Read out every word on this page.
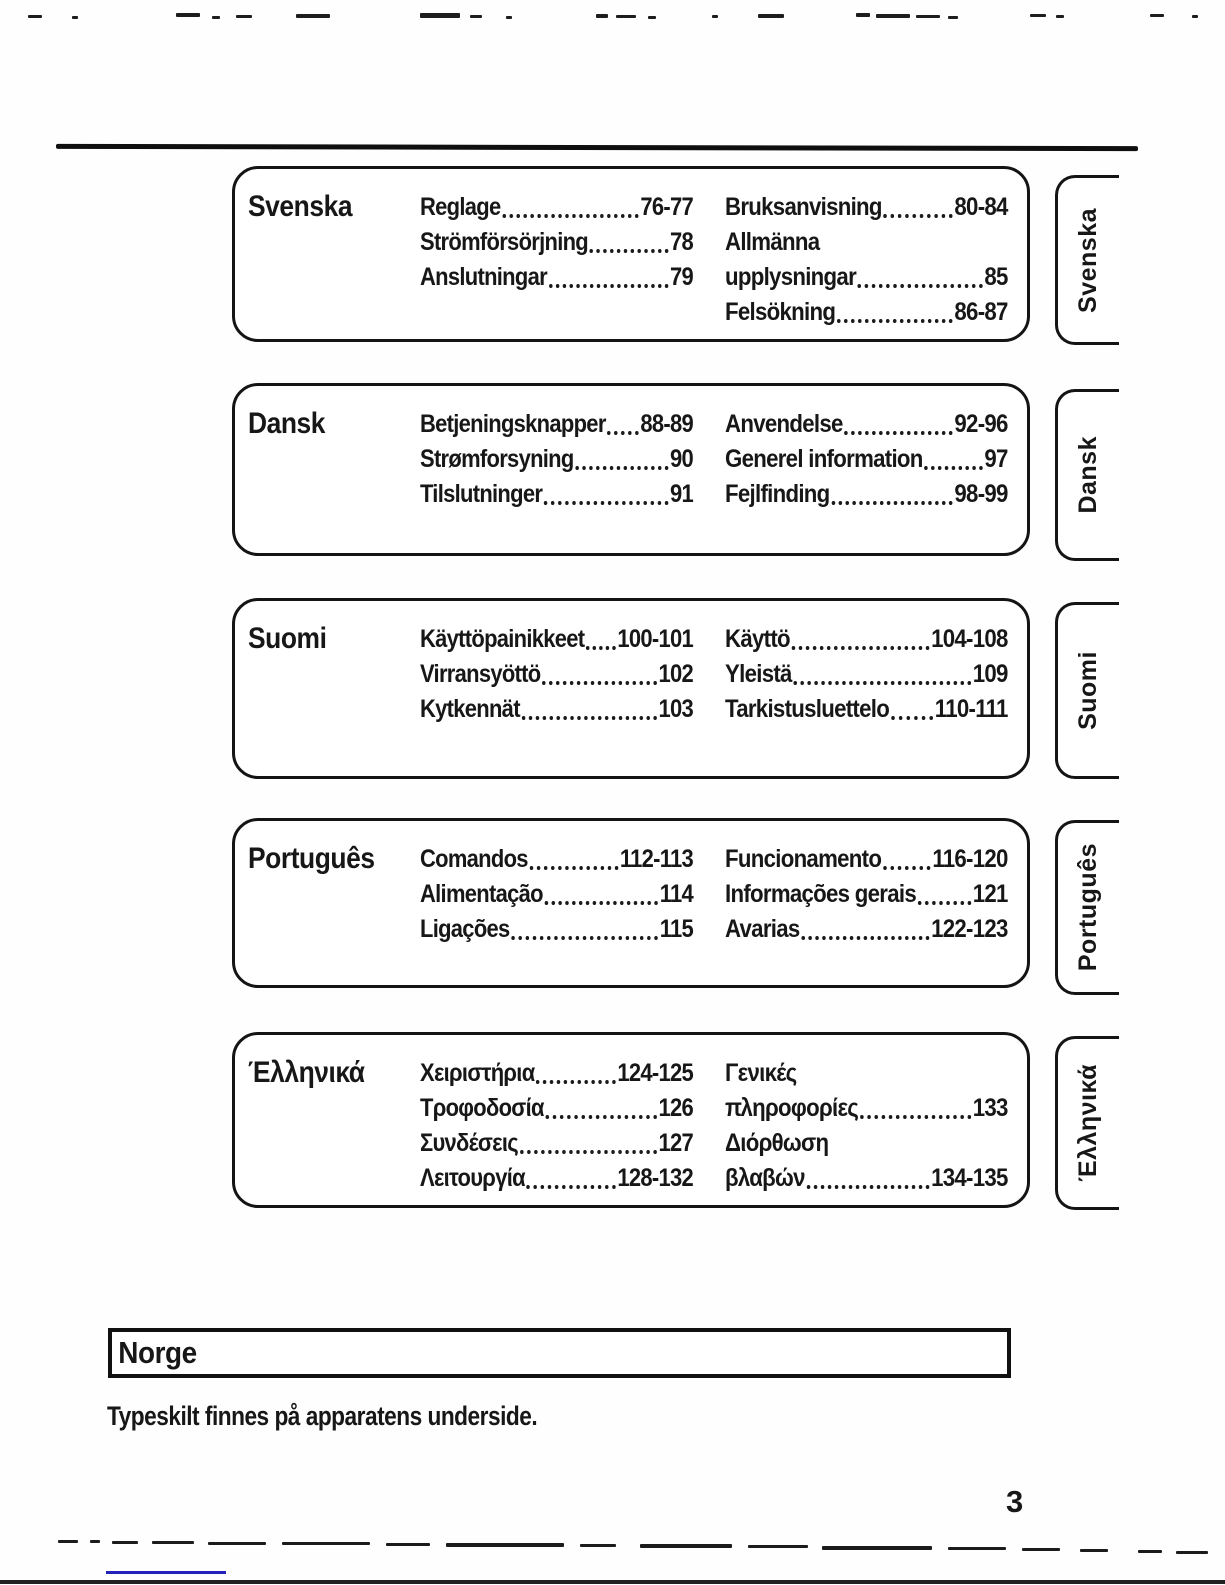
Svenska	Reglage	76-77
Strömförsörjning	78
Anslutningar	79
Bruksanvisning	80-84
Allmänna
upplysningar	85
Felsökning	86-87
Dansk	Betjeningsknapper 88-89
Strømforsyning	90
Tilslutninger	91
Anvendelse	92-96
Generel information 97
Fejlfinding	98-99
Suomi	Käyttöpainikkeet 100-101
Virransyöttö	102
Kytkennät	103
Käyttö	104-108
Yleistä	109
Tarkistusluettelo 110-111
Português	Comandos	112-113
Alimentação	114
Ligações	115
Funcionamento 116-120
Informações gerais 121
Avarias	122-123
Έλληνικά	Χειριστήρια	124-125
Τροφοδοσία	126
Συνδέσεις	127
Λειτουργία	128-132
Γενικές
πληροφορίες	133
Διόρθωση
βλαβών	134-135
Svenska
Dansk
Suomi
Português
Έλληνικά
Norge
Typeskilt finnes på apparatens underside.
3
